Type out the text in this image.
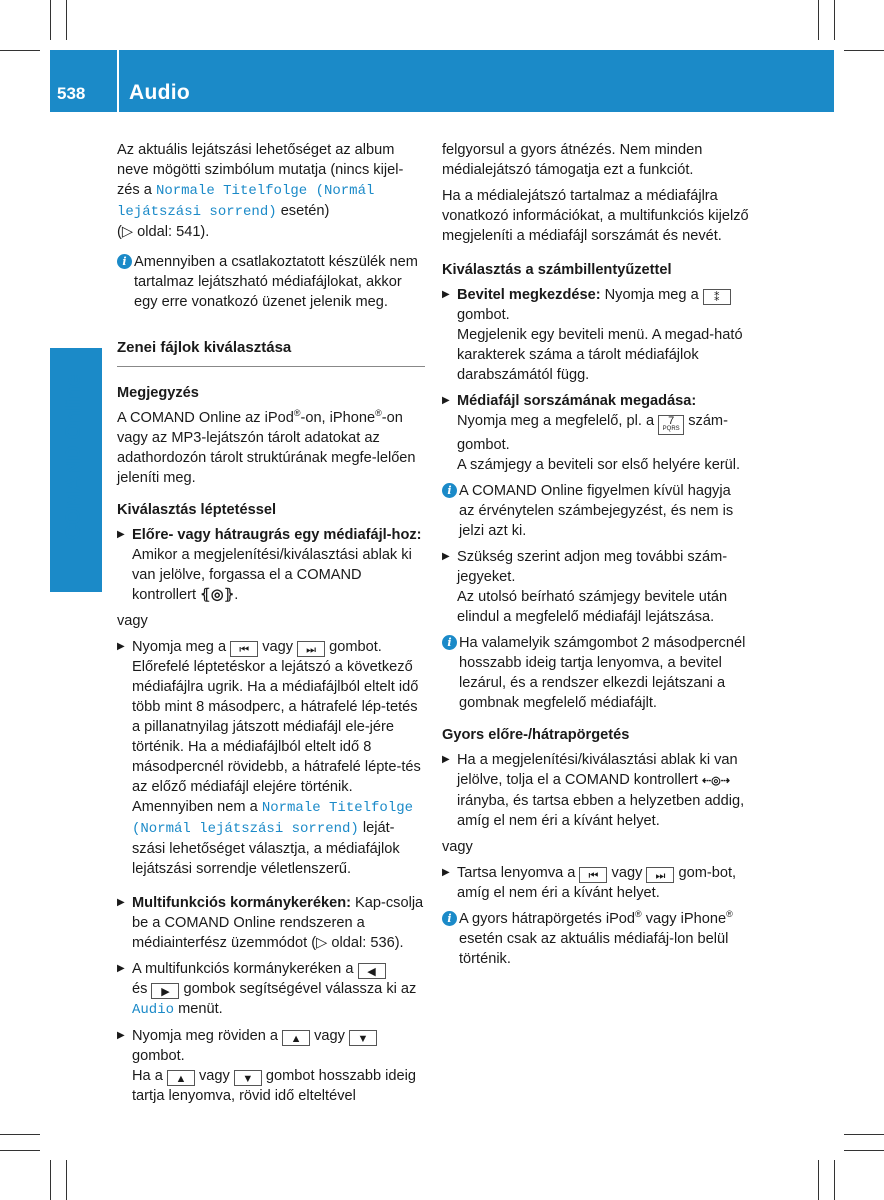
538 Audio
COMAND Online

Az aktuális lejátszási lehetőséget az album neve mögötti szimbólum mutatja (nincs kijel-zés a Normale Titelfolge (Normál lejátszási sorrend) esetén)
(▷ oldal: 541).

i Amennyiben a csatlakoztatott készülék nem tartalmaz lejátszható médiafájlokat, akkor egy erre vonatkozó üzenet jelenik meg.
Zenei fájlok kiválasztása
Megjegyzés

A COMAND Online az iPod®-on, iPhone®-on vagy az MP3-lejátszón tárolt adatokat az adathordozón tárolt struktúrának megfe-lelően jeleníti meg.

Kiválasztás léptetéssel
▶ Előre- vagy hátraugrás egy médiafájl-hoz: Amikor a megjelenítési/kiválasztási ablak ki van jelölve, forgassa el a COMAND kontrollert ⦃◎⦄.

vagy

▶ Nyomja meg a ⏮ vagy ⏭ gombot.
Előrefelé léptetéskor a lejátszó a következő médiafájlra ugrik. Ha a médiafájlból eltelt idő több mint 8 másodperc, a hátrafelé lép-tetés a pillanatnyilag játszott médiafájl ele-jére történik. Ha a médiafájlból eltelt idő 8 másodpercnél rövidebb, a hátrafelé lépte-tés az előző médiafájl elejére történik. Amennyiben nem a Normale Titelfolge (Normál lejátszási sorrend) leját-szási lehetőséget választja, a médiafájlok lejátszási sorrendje véletlenszerű.
▶ Multifunkciós kormánykeréken: Kap-csolja be a COMAND Online rendszeren a médiainterfész üzemmódot (▷ oldal: 536).
▶ A multifunkciós kormánykeréken a ◀
és ▶ gombok segítségével válassza ki az Audio menüt.
▶ Nyomja meg röviden a ▲ vagy ▼
gombot.
Ha a ▲ vagy ▼ gombot hosszabb ideig tartja lenyomva, rövid idő elteltével

felgyorsul a gyors átnézés. Nem minden médialejátszó támogatja ezt a funkciót.

Ha a médialejátszó tartalmaz a médiafájlra vonatkozó információkat, a multifunkciós kijelző megjeleníti a médiafájl sorszámát és nevét.

Kiválasztás a számbillentyűzettel
▶ Bevitel megkezdése: Nyomja meg a ⁑
gombot.
Megjelenik egy beviteli menü. A megad-ható karakterek száma a tárolt médiafájlok darabszámától függ.
▶ Médiafájl sorszámának megadása:
Nyomja meg a megfelelő, pl. a 7
PQRS szám-gombot.
A számjegy a beviteli sor első helyére kerül.
i A COMAND Online figyelmen kívül hagyja az érvénytelen számbejegyzést, és nem is jelzi azt ki.
▶ Szükség szerint adjon meg további szám-jegyeket.
Az utolsó beírható számjegy bevitele után elindul a megfelelő médiafájl lejátszása.
i Ha valamelyik számgombot 2 másodpercnél hosszabb ideig tartja lenyomva, a bevitel lezárul, és a rendszer elkezdi lejátszani a gombnak megfelelő médiafájlt.
Gyors előre-/hátrapörgetés
▶ Ha a megjelenítési/kiválasztási ablak ki van jelölve, tolja el a COMAND kontrollert ⇠◎⇢ irányba, és tartsa ebben a helyzetben addig, amíg el nem éri a kívánt helyet.

vagy

▶ Tartsa lenyomva a ⏮ vagy ⏭ gom-bot, amíg el nem éri a kívánt helyet.
i A gyors hátrapörgetés iPod® vagy iPhone® esetén csak az aktuális médiafáj-lon belül történik.
